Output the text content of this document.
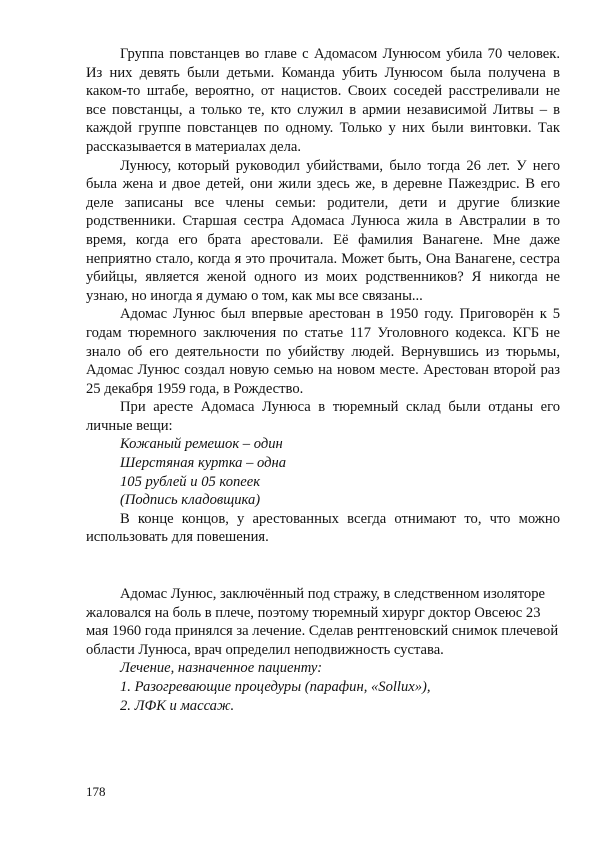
Группа повстанцев во главе с Адомасом Лунюсом убила 70 человек. Из них девять были детьми. Команда убить Лунюсом была получена в каком-то штабе, вероятно, от нацистов. Своих соседей расстреливали не все повстанцы, а только те, кто служил в армии независимой Литвы – в каждой группе повстанцев по одному. Только у них были винтовки. Так рассказывается в материалах дела.

Лунюсу, который руководил убийствами, было тогда 26 лет. У него была жена и двое детей, они жили здесь же, в деревне Пажездрис. В его деле записаны все члены семьи: родители, дети и другие близкие родственники. Старшая сестра Адомаса Лунюса жила в Австралии в то время, когда его брата арестовали. Её фамилия Ванагене. Мне даже неприятно стало, когда я это прочитала. Может быть, Она Ванагене, сестра убийцы, является женой одного из моих родственников? Я никогда не узнаю, но иногда я думаю о том, как мы все связаны...

Адомас Лунюс был впервые арестован в 1950 году. Приговорён к 5 годам тюремного заключения по статье 117 Уголовного кодекса. КГБ не знало об его деятельности по убийству людей. Вернувшись из тюрьмы, Адомас Лунюс создал новую семью на новом месте. Арестован второй раз 25 декабря 1959 года, в Рождество.

При аресте Адомаса Лунюса в тюремный склад были отданы его личные вещи:

Кожаный ремешок – один

Шерстяная куртка – одна

105 рублей и 05 копеек

(Подпись кладовщика)

В конце концов, у арестованных всегда отнимают то, что можно использовать для повешения.

Адомас Лунюс, заключённый под стражу, в следственном изоляторе жаловался на боль в плече, поэтому тюремный хирург доктор Овсеюс 23 мая 1960 года принялся за лечение. Сделав рентгеновский снимок плечевой области Лунюса, врач определил неподвижность сустава.

Лечение, назначенное пациенту:

1. Разогревающие процедуры (парафин, «Sollux»),

2. ЛФК и массаж.

178
